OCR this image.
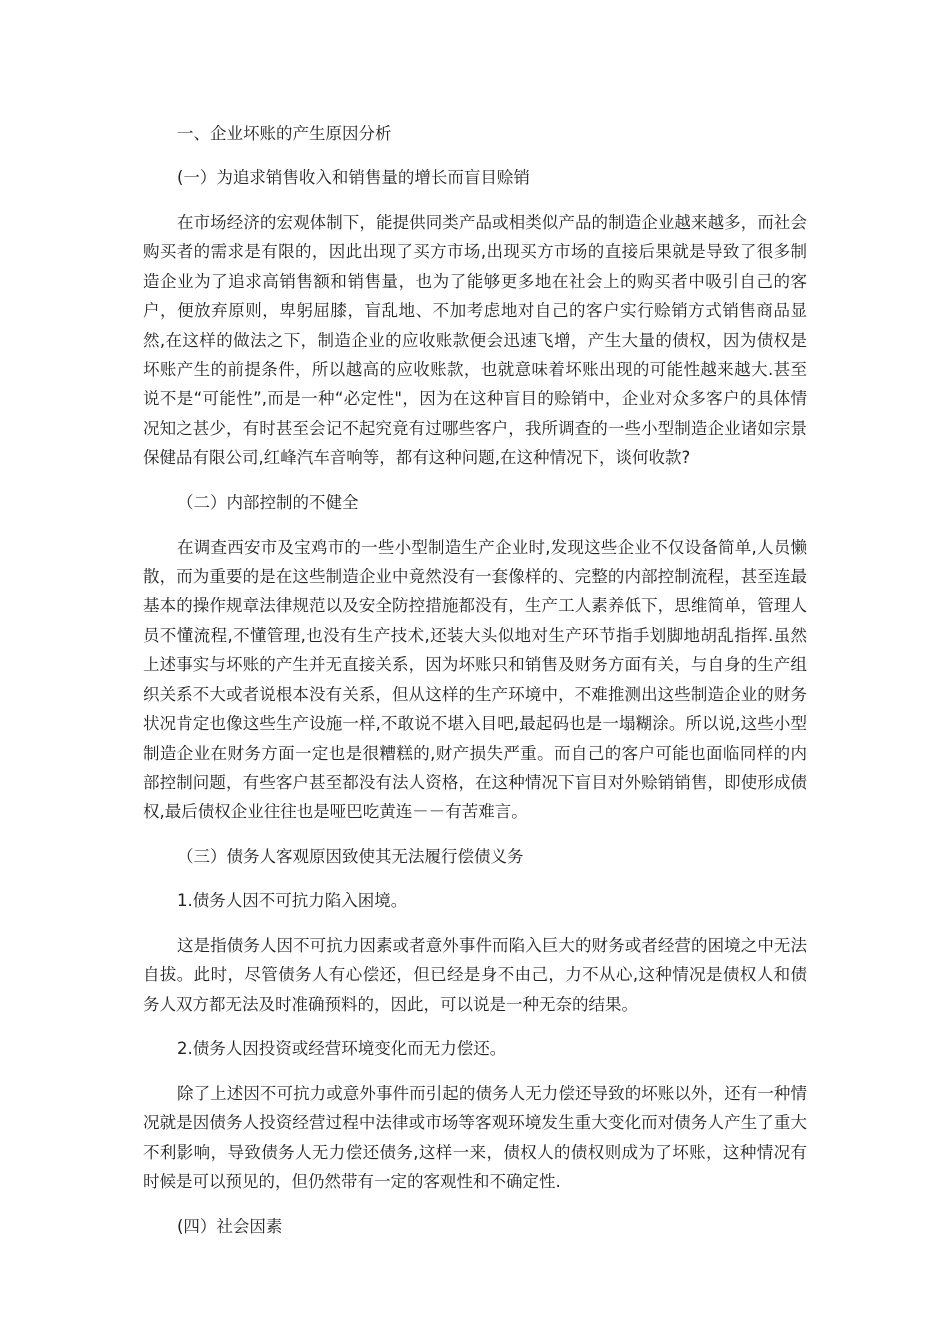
一、企业坏账的产生原因分析

(一）为追求销售收入和销售量的增长而盲目赊销

在市场经济的宏观体制下，能提供同类产品或相类似产品的制造企业越来越多，而社会购买者的需求是有限的，因此出现了买方市场,出现买方市场的直接后果就是导致了很多制造企业为了追求高销售额和销售量，也为了能够更多地在社会上的购买者中吸引自己的客户，便放弃原则，卑躬屈膝，盲乱地、不加考虑地对自己的客户实行赊销方式销售商品显然,在这样的做法之下，制造企业的应收账款便会迅速飞增，产生大量的债权，因为债权是坏账产生的前提条件，所以越高的应收账款，也就意味着坏账出现的可能性越来越大.甚至说不是“可能性”,而是一种“必定性"，因为在这种盲目的赊销中，企业对众多客户的具体情况知之甚少，有时甚至会记不起究竟有过哪些客户，我所调查的一些小型制造企业诸如宗景保健品有限公司,红峰汽车音响等，都有这种问题,在这种情况下，谈何收款?

（二）内部控制的不健全

在调查西安市及宝鸡市的一些小型制造生产企业时,发现这些企业不仅设备简单,人员懒散，而为重要的是在这些制造企业中竟然没有一套像样的、完整的内部控制流程，甚至连最基本的操作规章法律规范以及安全防控措施都没有，生产工人素养低下，思维简单，管理人员不懂流程,不懂管理,也没有生产技术,还装大头似地对生产环节指手划脚地胡乱指挥.虽然上述事实与坏账的产生并无直接关系，因为坏账只和销售及财务方面有关，与自身的生产组织关系不大或者说根本没有关系，但从这样的生产环境中，不难推测出这些制造企业的财务状况肯定也像这些生产设施一样,不敢说不堪入目吧,最起码也是一塌糊涂。所以说,这些小型制造企业在财务方面一定也是很糟糕的,财产损失严重。而自己的客户可能也面临同样的内部控制问题，有些客户甚至都没有法人资格，在这种情况下盲目对外赊销销售，即使形成债权,最后债权企业往往也是哑巴吃黄连－－有苦难言。

（三）债务人客观原因致使其无法履行偿债义务

1.债务人因不可抗力陷入困境。

这是指债务人因不可抗力因素或者意外事件而陷入巨大的财务或者经营的困境之中无法自拔。此时，尽管债务人有心偿还，但已经是身不由己，力不从心,这种情况是债权人和债务人双方都无法及时准确预料的，因此，可以说是一种无奈的结果。

2.债务人因投资或经营环境变化而无力偿还。

除了上述因不可抗力或意外事件而引起的债务人无力偿还导致的坏账以外，还有一种情况就是因债务人投资经营过程中法律或市场等客观环境发生重大变化而对债务人产生了重大不利影响，导致债务人无力偿还债务,这样一来，债权人的债权则成为了坏账，这种情况有时候是可以预见的，但仍然带有一定的客观性和不确定性.

(四）社会因素
